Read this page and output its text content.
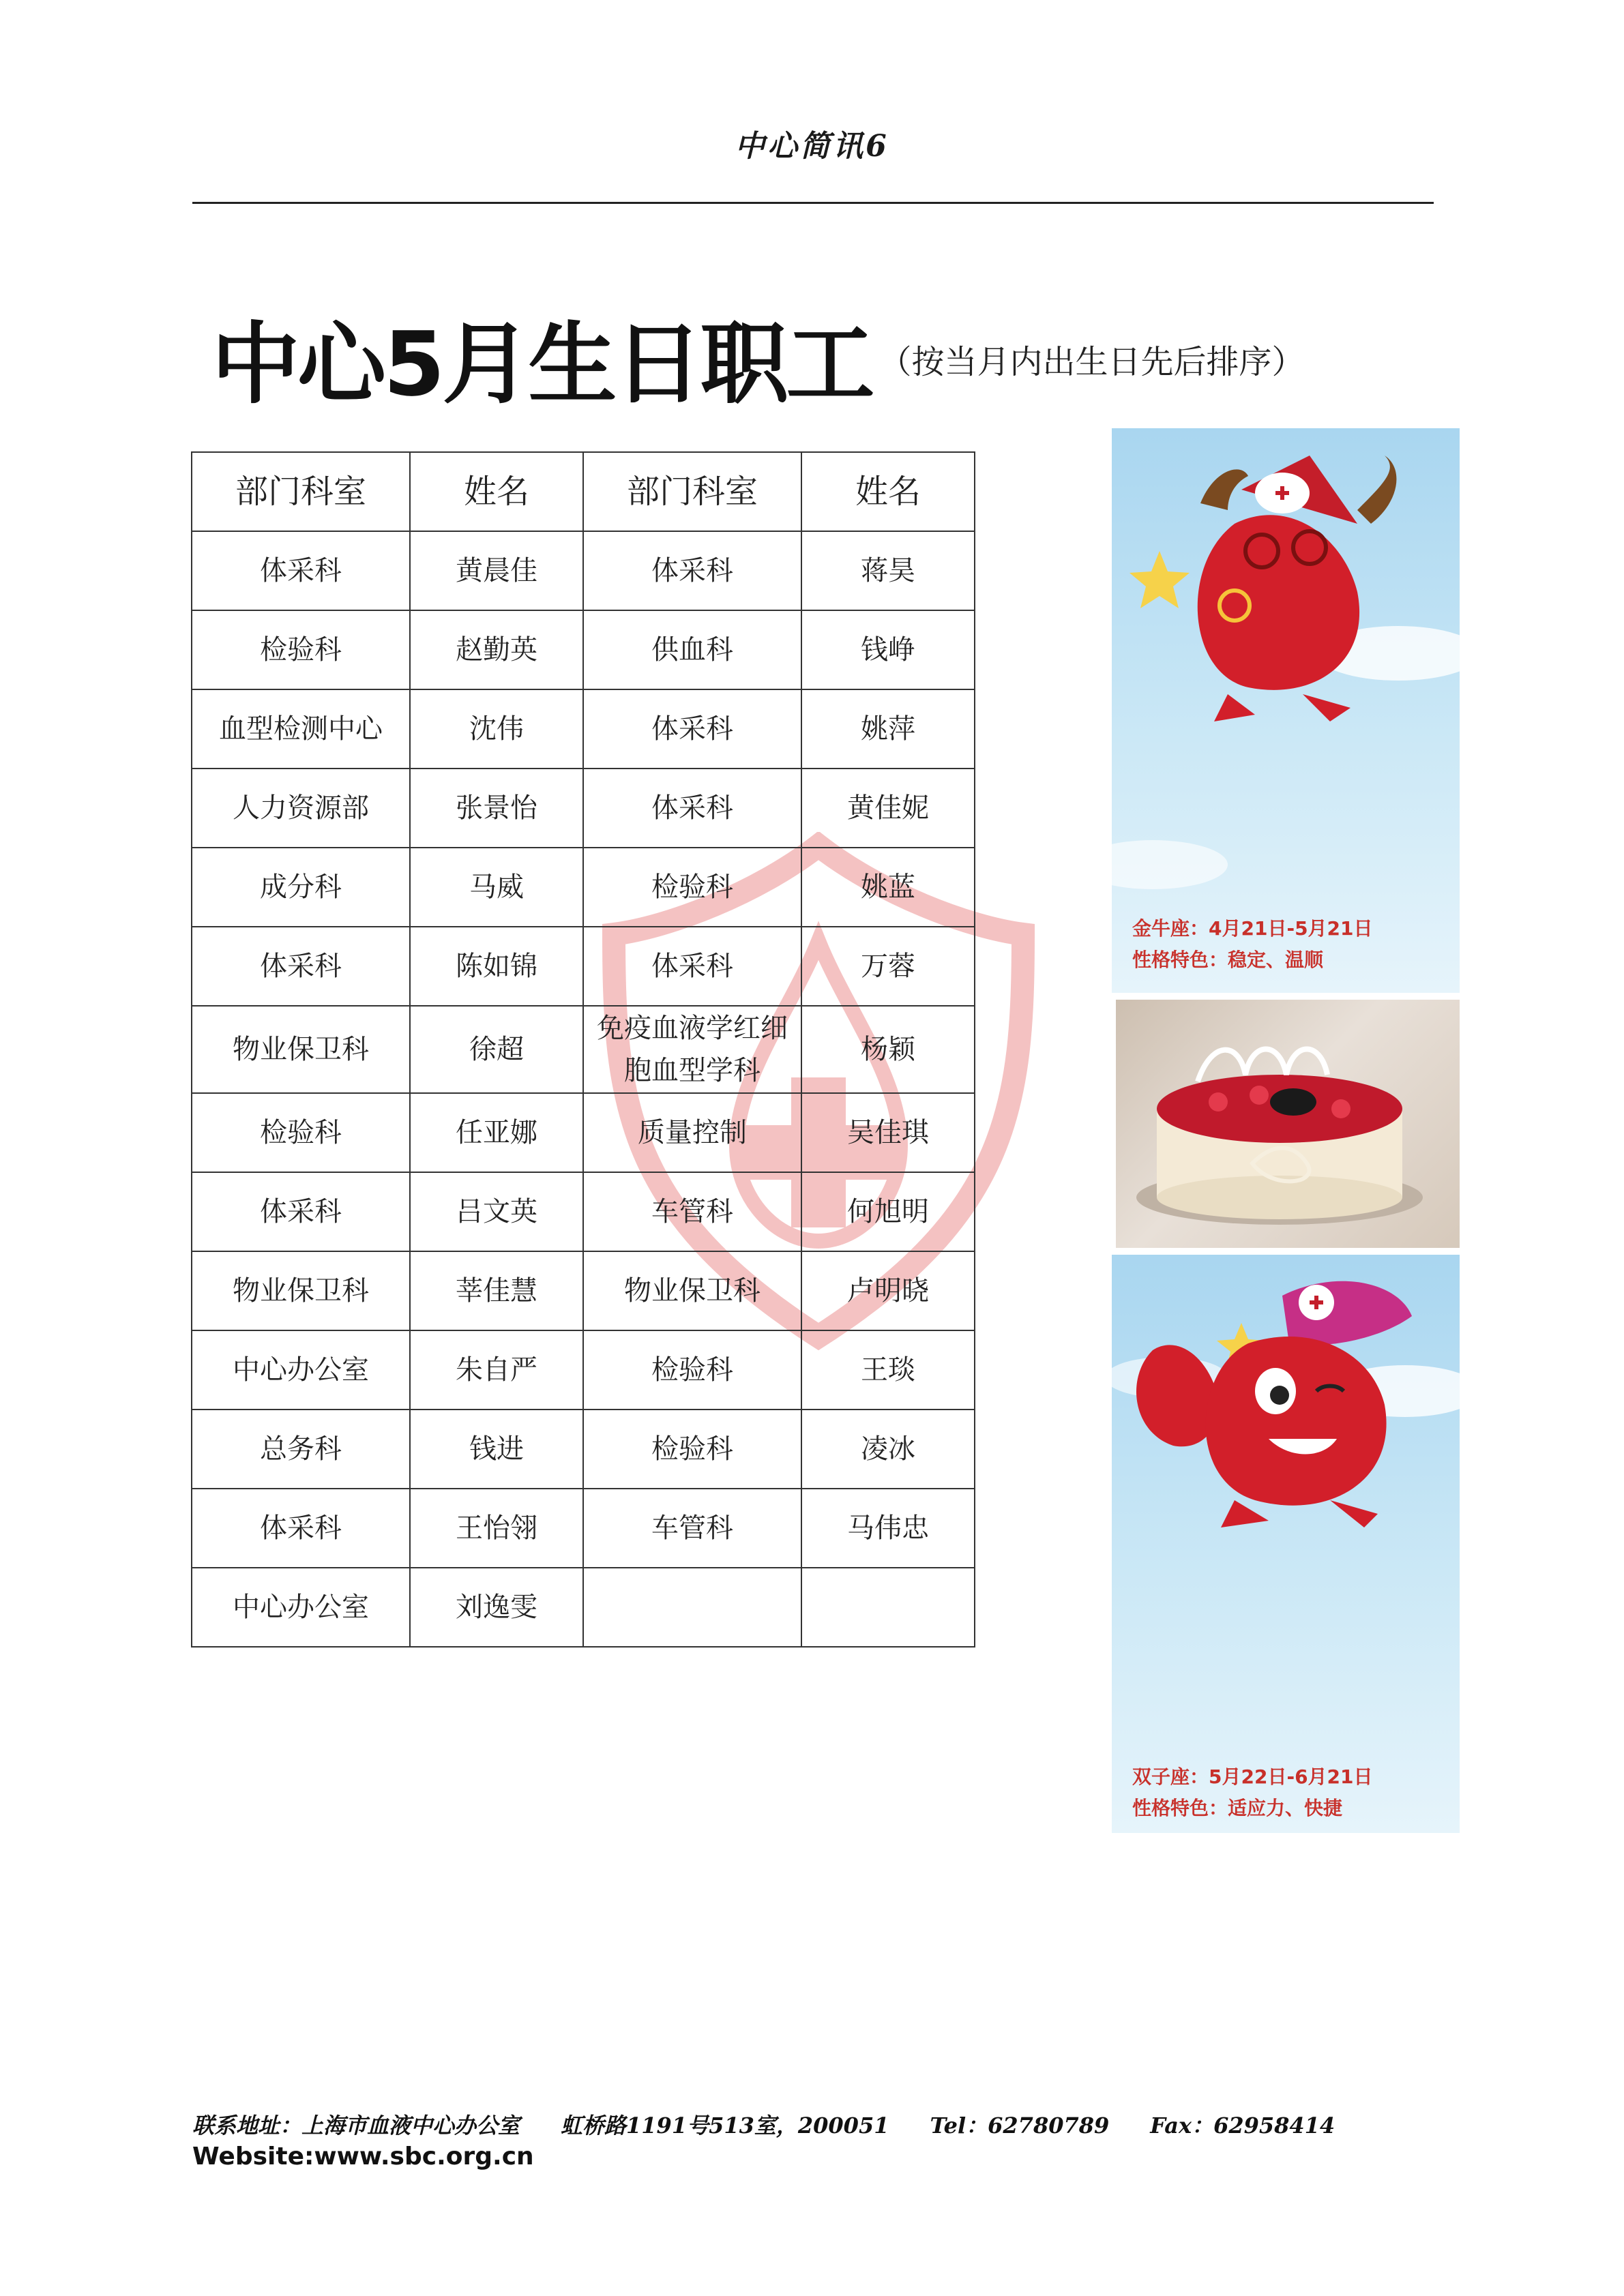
中心简讯6
中心5月生日职工 （按当月内出生日先后排序）
部门科室	姓名	部门科室	姓名
体采科	黄晨佳	体采科	蒋昊
检验科	赵勤英	供血科	钱峥
血型检测中心	沈伟	体采科	姚萍
人力资源部	张景怡	体采科	黄佳妮
成分科	马威	检验科	姚蓝
体采科	陈如锦	体采科	万蓉
物业保卫科	徐超	免疫血液学红细胞血型学科	杨颖
检验科	任亚娜	质量控制	吴佳琪
体采科	吕文英	车管科	何旭明
物业保卫科	莘佳慧	物业保卫科	卢明晓
中心办公室	朱自严	检验科	王琰
总务科	钱进	检验科	凌冰
体采科	王怡翎	车管科	马伟忠
中心办公室	刘逸雯		
金牛座：4月21日-5月21日
性格特色：稳定、温顺
双子座：5月22日-6月21日
性格特色：适应力、快捷
联系地址：上海市血液中心办公室 虹桥路1191号513室，200051 Tel：62780789 Fax：62958414
Website:www.sbc.org.cn
